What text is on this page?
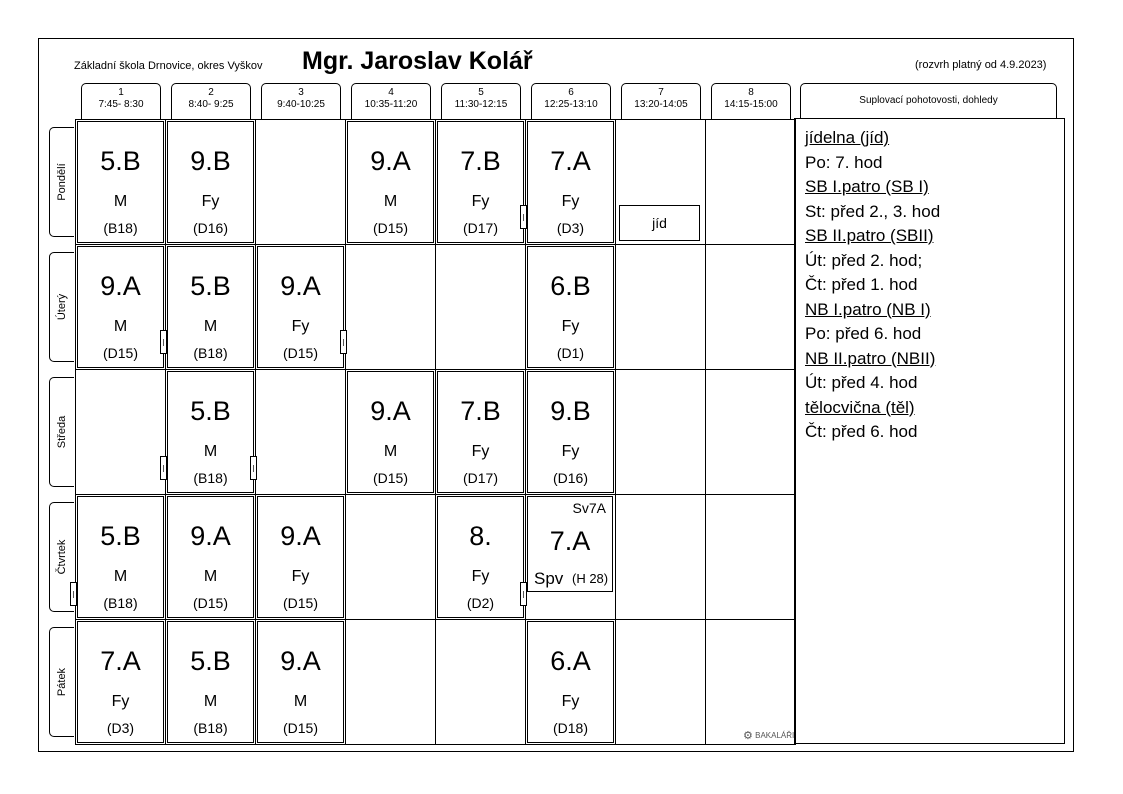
Základní škola Drnovice, okres Vyškov Mgr. Jaroslav Kolář	(rozvrh platný od 4.9.2023)
1
7:45- 8:30
2
8:40- 9:25
3
9:40-10:25
4
10:35-11:20
5
11:30-12:15
6
12:25-13:10
7
13:20-14:05
8
14:15-15:00	Suplovací pohotovosti, dohledy
Pondělí
Úterý
Středa
Čtvrtek
Pátek
5.B
M
(B18)
9.B
Fy
(D16)
9.A
M
(D15)
7.B
Fy
(D17)
7.A
Fy
(D3)
9.A
M
(D15)
5.B
M
(B18)
9.A
Fy
(D15)
6.B
Fy
(D1)
5.B
M
(B18)
9.A
M
(D15)
7.B
Fy
(D17)
9.B
Fy
(D16)
5.B
M
(B18)
9.A
M
(D15)
9.A
Fy
(D15)
8.
Fy
(D2)
7.A
Fy
(D3)
5.B
M
(B18)
9.A
M
(D15)
6.A
Fy
(D18)
jídelna (jíd)
Po: 7. hod
SB I.patro (SB I)
St: před 2., 3. hod
SB II.patro (SBII)
Út: před 2. hod;
Čt: před 1. hod
NB I.patro (NB I)
Po: před 6. hod
NB II.patro (NBII)
Út: před 4. hod
tělocvična (těl)
Čt: před 6. hod
jíd
Sv7A
7.A
Spv (H 28)
⚙ BAKALÁŘI
